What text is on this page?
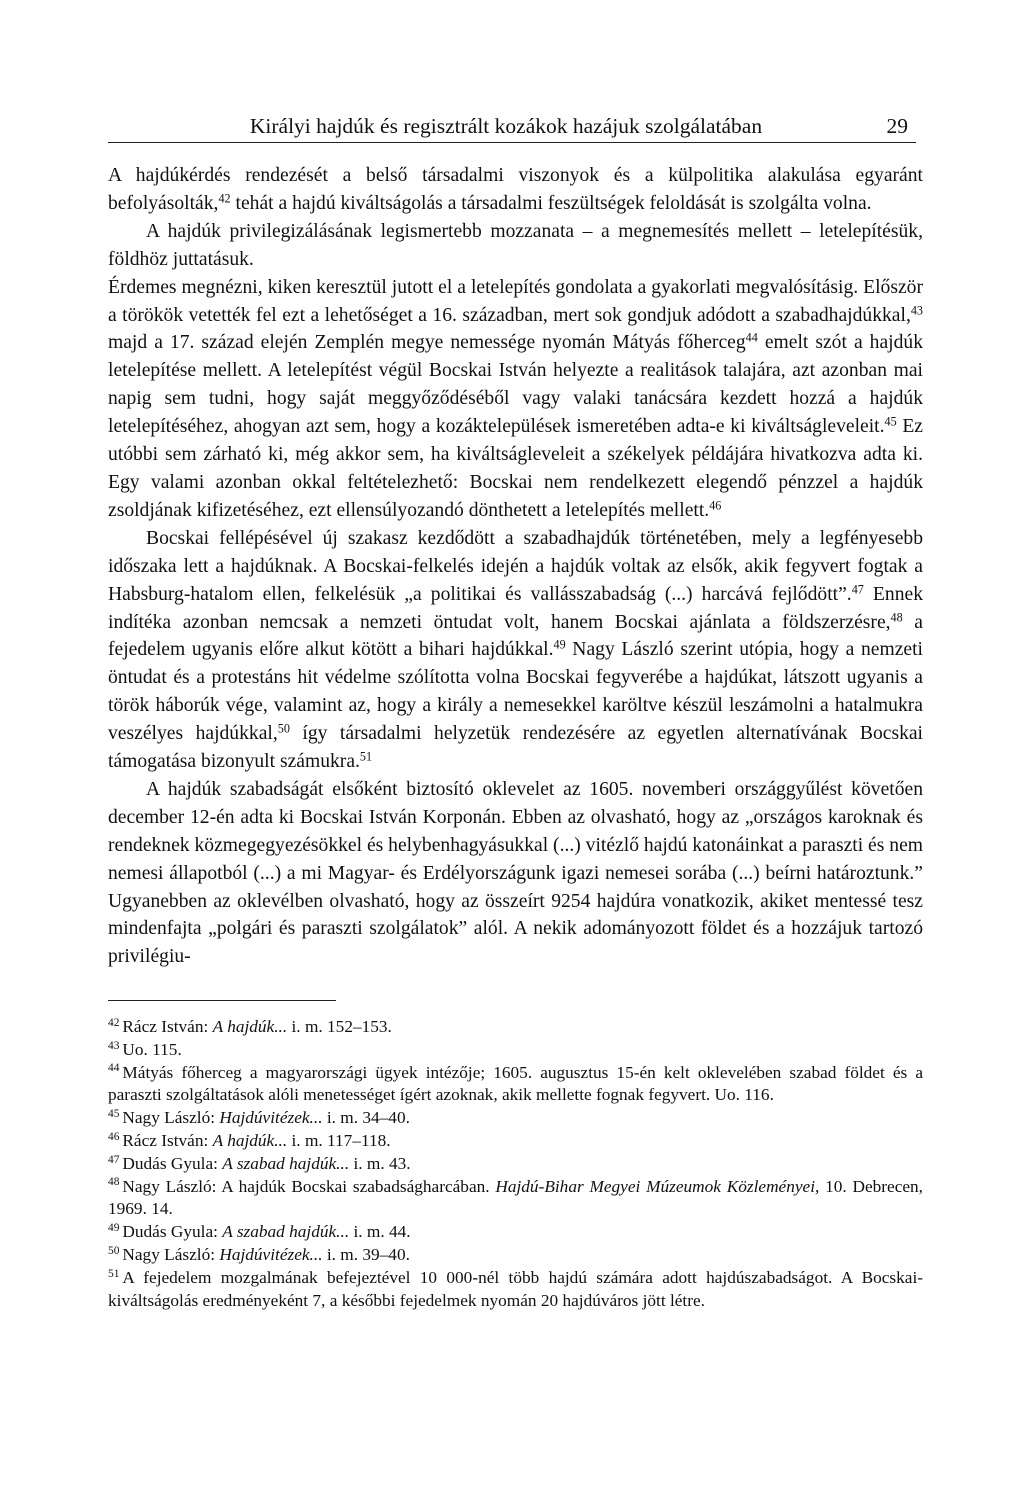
Királyi hajdúk és regisztrált kozákok hazájuk szolgálatában	29

A hajdúkérdés rendezését a belső társadalmi viszonyok és a külpolitika alakulása egyaránt befolyásolták,$^{42}$ tehát a hajdú kiváltságolás a társadalmi feszültségek feloldását is szolgálta volna.

A hajdúk privilegizálásának legismertebb mozzanata – a megnemesítés mellett – letelepítésük, földhöz juttatásuk.

Érdemes megnézni, kiken keresztül jutott el a letelepítés gondolata a gyakorlati megvalósításig. Először a törökök vetették fel ezt a lehetőséget a 16. században, mert sok gondjuk adódott a szabadhajdúkkal,$^{43}$ majd a 17. század elején Zemplén megye nemessége nyomán Mátyás főherceg$^{44}$ emelt szót a hajdúk letelepítése mellett. A letelepítést végül Bocskai István helyezte a realitások talajára, azt azonban mai napig sem tudni, hogy saját meggyőződéséből vagy valaki tanácsára kezdett hozzá a hajdúk letelepítéséhez, ahogyan azt sem, hogy a kozáktelepülések ismeretében adta-e ki kiváltságleveleit.$^{45}$ Ez utóbbi sem zárható ki, még akkor sem, ha kiváltságleveleit a székelyek példájára hivatkozva adta ki. Egy valami azonban okkal feltételezhető: Bocskai nem rendelkezett elegendő pénzzel a hajdúk zsoldjának kifizetéséhez, ezt ellensúlyozandó dönthetett a letelepítés mellett.$^{46}$

Bocskai fellépésével új szakasz kezdődött a szabadhajdúk történetében, mely a legfényesebb időszaka lett a hajdúknak. A Bocskai-felkelés idején a hajdúk voltak az elsők, akik fegyvert fogtak a Habsburg-hatalom ellen, felkelésük „a politikai és vallásszabadság (...) harcává fejlődött”.$^{47}$ Ennek indítéka azonban nemcsak a nemzeti öntudat volt, hanem Bocskai ajánlata a földszerzésre,$^{48}$ a fejedelem ugyanis előre alkut kötött a bihari hajdúkkal.$^{49}$ Nagy László szerint utópia, hogy a nemzeti öntudat és a protestáns hit védelme szólította volna Bocskai fegyverébe a hajdúkat, látszott ugyanis a török háborúk vége, valamint az, hogy a király a nemesekkel karöltve készül leszámolni a hatalmukra veszélyes hajdúkkal,$^{50}$ így társadalmi helyzetük rendezésére az egyetlen alternatívának Bocskai támogatása bizonyult számukra.$^{51}$

A hajdúk szabadságát elsőként biztosító oklevelet az 1605. novemberi országgyűlést követően december 12-én adta ki Bocskai István Korponán. Ebben az olvasható, hogy az „országos karoknak és rendeknek közmegegyezésökkel és helybenhagyásukkal (...) vitézlő hajdú katonáinkat a paraszti és nem nemesi állapotból (...) a mi Magyar- és Erdélyországunk igazi nemesei sorába (...) beírni határoztunk.” Ugyanebben az oklevélben olvasható, hogy az összeírt 9254 hajdúra vonatkozik, akiket mentessé tesz mindenfajta „polgári és paraszti szolgálatok” alól. A nekik adományozott földet és a hozzájuk tartozó privilégiu-

$^{42}$ Rácz István: A hajdúk... i. m. 152–153.

$^{43}$ Uo. 115.

$^{44}$ Mátyás főherceg a magyarországi ügyek intézője; 1605. augusztus 15-én kelt oklevelében szabad földet és a paraszti szolgáltatások alóli menetességet ígért azoknak, akik mellette fognak fegyvert. Uo. 116.

$^{45}$ Nagy László: Hajdúvitézek... i. m. 34–40.

$^{46}$ Rácz István: A hajdúk... i. m. 117–118.

$^{47}$ Dudás Gyula: A szabad hajdúk... i. m. 43.

$^{48}$ Nagy László: A hajdúk Bocskai szabadságharcában. Hajdú-Bihar Megyei Múzeumok Közleményei, 10. Debrecen, 1969. 14.

$^{49}$ Dudás Gyula: A szabad hajdúk... i. m. 44.

$^{50}$ Nagy László: Hajdúvitézek... i. m. 39–40.

$^{51}$ A fejedelem mozgalmának befejeztével 10 000-nél több hajdú számára adott hajdúszabadságot. A Bocskai-kiváltságolás eredményeként 7, a későbbi fejedelmek nyomán 20 hajdúváros jött létre.
